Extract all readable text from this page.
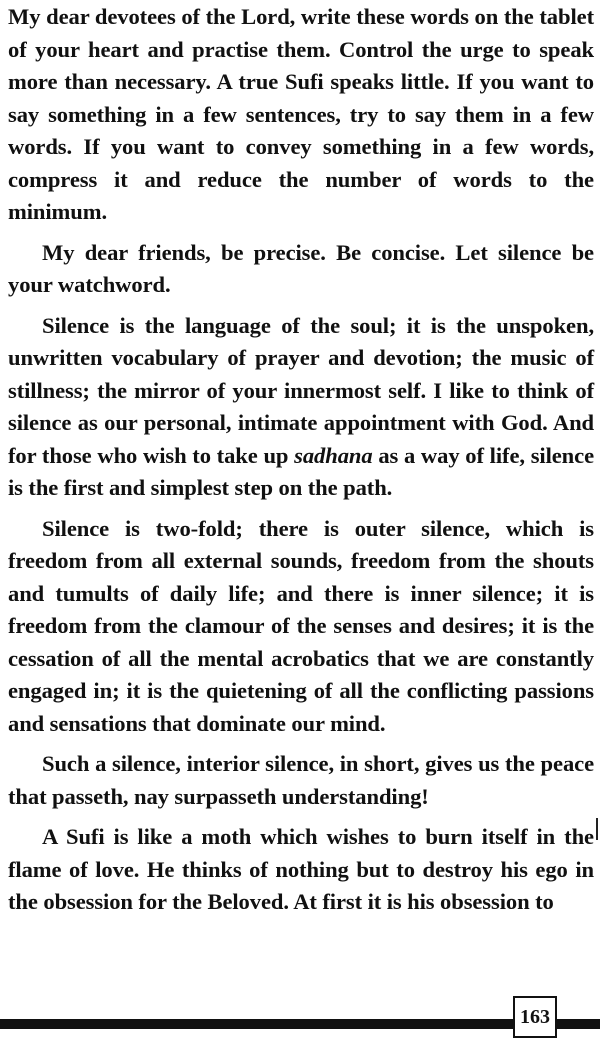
My dear devotees of the Lord, write these words on the tablet of your heart and practise them. Control the urge to speak more than necessary. A true Sufi speaks little. If you want to say something in a few sentences, try to say them in a few words. If you want to convey something in a few words, compress it and reduce the number of words to the minimum.

My dear friends, be precise. Be concise. Let silence be your watchword.

Silence is the language of the soul; it is the unspoken, unwritten vocabulary of prayer and devotion; the music of stillness; the mirror of your innermost self. I like to think of silence as our personal, intimate appointment with God. And for those who wish to take up sadhana as a way of life, silence is the first and simplest step on the path.

Silence is two-fold; there is outer silence, which is freedom from all external sounds, freedom from the shouts and tumults of daily life; and there is inner silence; it is freedom from the clamour of the senses and desires; it is the cessation of all the mental acrobatics that we are constantly engaged in; it is the quietening of all the conflicting passions and sensations that dominate our mind.

Such a silence, interior silence, in short, gives us the peace that passeth, nay surpasseth understanding!

A Sufi is like a moth which wishes to burn itself in the flame of love. He thinks of nothing but to destroy his ego in the obsession for the Beloved. At first it is his obsession to

163
